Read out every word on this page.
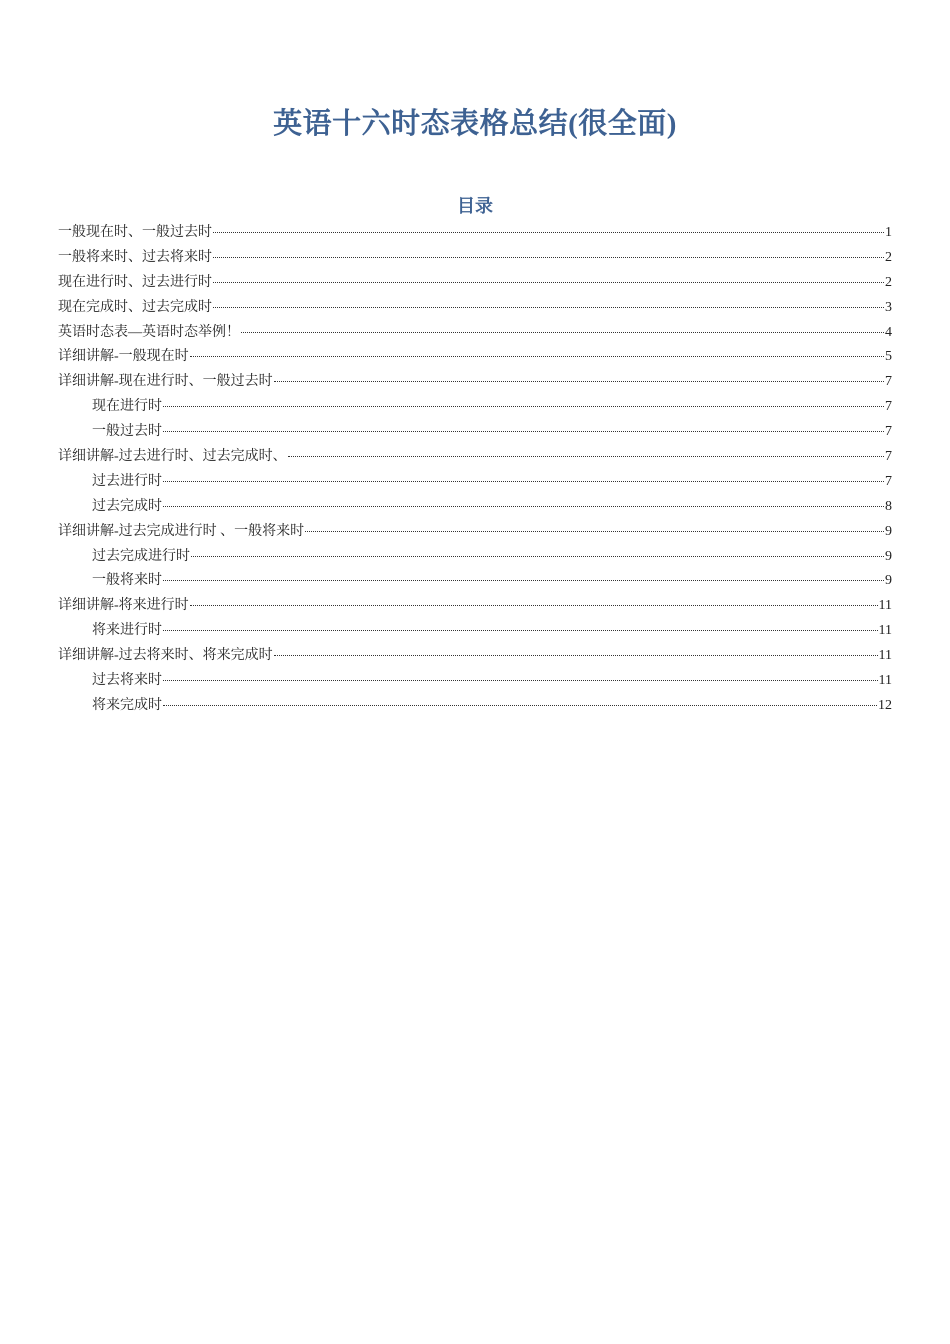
英语十六时态表格总结(很全面)
目录
一般现在时、一般过去时	1
一般将来时、过去将来时	2
现在进行时、过去进行时	2
现在完成时、过去完成时	3
英语时态表—英语时态举例！	4
详细讲解-一般现在时	5
详细讲解-现在进行时、一般过去时	7
现在进行时	7
一般过去时	7
详细讲解-过去进行时、过去完成时、	7
过去进行时	7
过去完成时	8
详细讲解-过去完成进行时 、一般将来时	9
过去完成进行时	9
一般将来时	9
详细讲解-将来进行时	11
将来进行时	11
详细讲解-过去将来时、将来完成时	11
过去将来时	11
将来完成时	12
